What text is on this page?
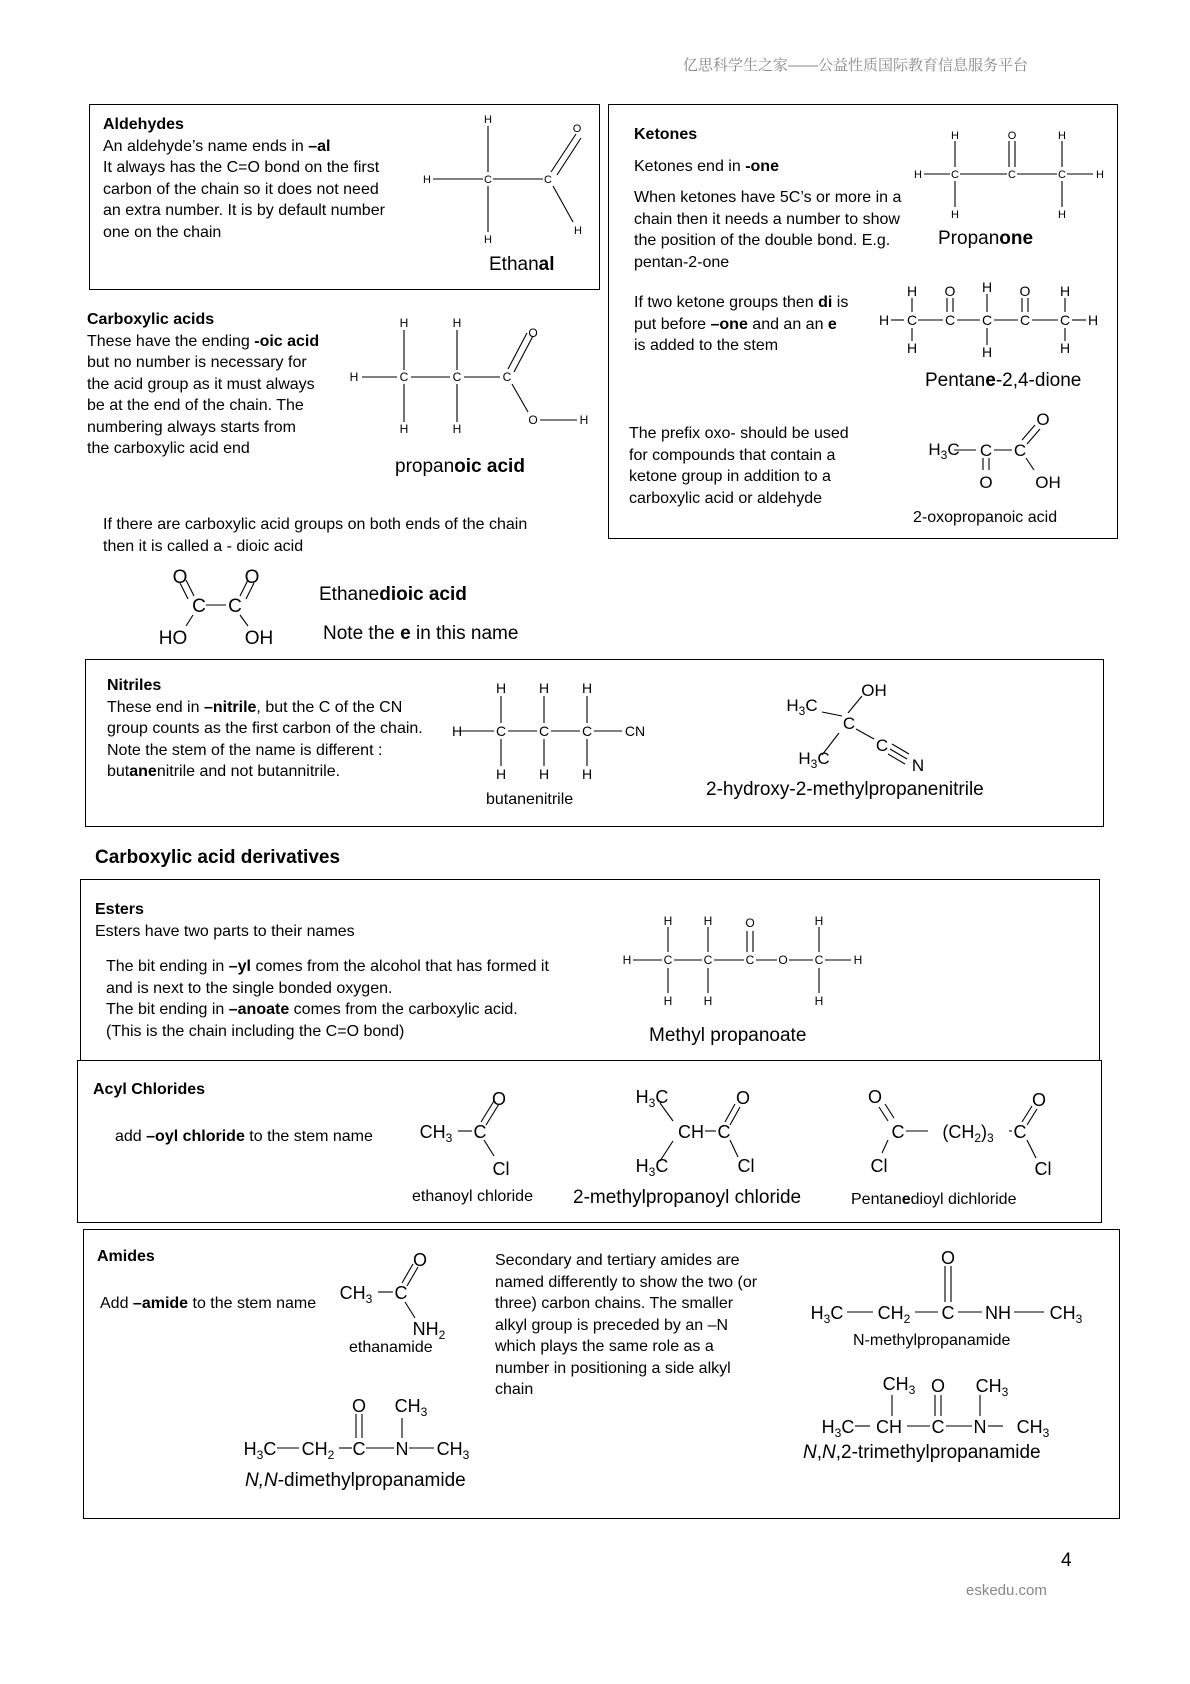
亿思科学生之家——公益性质国际教育信息服务平台
Aldehydes
An aldehyde’s name ends in –al
It always has the C=O bond on the first carbon of the chain so it does not need an extra number. It is by default number one on the chain
H	C	C
H
H
O
H
Ethanal
Ketones
Ketones end in -one
When ketones have 5C’s or more in a chain then it needs a number to show the position of the double bond. E.g. pentan-2-one
H	C	C	C	H
H	O	H
H	H
Propanone
If two ketone groups then di is put before –one and an an e is added to the stem
H C C C C C H
H O H O H
H	H	H
Pentane-2,4-dione
The prefix oxo- should be used for compounds that contain a ketone group in addition to a carboxylic acid or aldehyde
$H_3C$ C C
O
O	OH
2-oxopropanoic acid
Carboxylic acids
These have the ending -oic acid but no number is necessary for the acid group as it must always be at the end of the chain. The numbering always starts from the carboxylic acid end
H	C	C	C
H	H
H	H
O
O	H
propanoic acid
If there are carboxylic acid groups on both ends of the chain then it is called a - dioic acid
O	O
C C
HO	OH
Ethanedioic acid
Note the e in this name
Nitriles
These end in –nitrile, but the C of the CN group counts as the first carbon of the chain. Note the stem of the name is different : butanenitrile and not butannitrile.
H C C C CN
H H H
H H H
butanenitrile
$H_3C$
OH
C
C
N
$H_3C$
2-hydroxy-2-methylpropanenitrile
Carboxylic acid derivatives
Esters
Esters have two parts to their names
The bit ending in –yl comes from the alcohol that has formed it and is next to the single bonded oxygen.
The bit ending in –anoate comes from the carboxylic acid.
(This is the chain including the C=O bond)
H	C	C	C O C	H
H	H	O	H
H	H	H
Methyl propanoate
Acyl Chlorides
add –oyl chloride to the stem name	$CH_3$ C
O
Cl
ethanoyl chloride
$H_3C$
CH C
O
$H_3C$	Cl
2-methylpropanoyl chloride
O
C $(CH_2)_3$ C
O
Cl	Cl
Pentanedioyl dichloride
Amides
Add –amide to the stem name
$CH_3$ C
O
$NH_2$
ethanamide
Secondary and tertiary amides are named differently to show the two (or three) carbon chains. The smaller alkyl group is preceded by an –N which plays the same role as a number in positioning a side alkyl chain
$H_3C$ $CH_2$ C NH $CH_3$
O
N-methylpropanamide
$H_3C$ $CH_2$ C N $CH_3$
O $CH_3$
N,N-dimethylpropanamide
$H_3C$ CH C N $CH_3$
$CH_3$ O $CH_3$
N,N,2-trimethylpropanamide
4
eskedu.com
